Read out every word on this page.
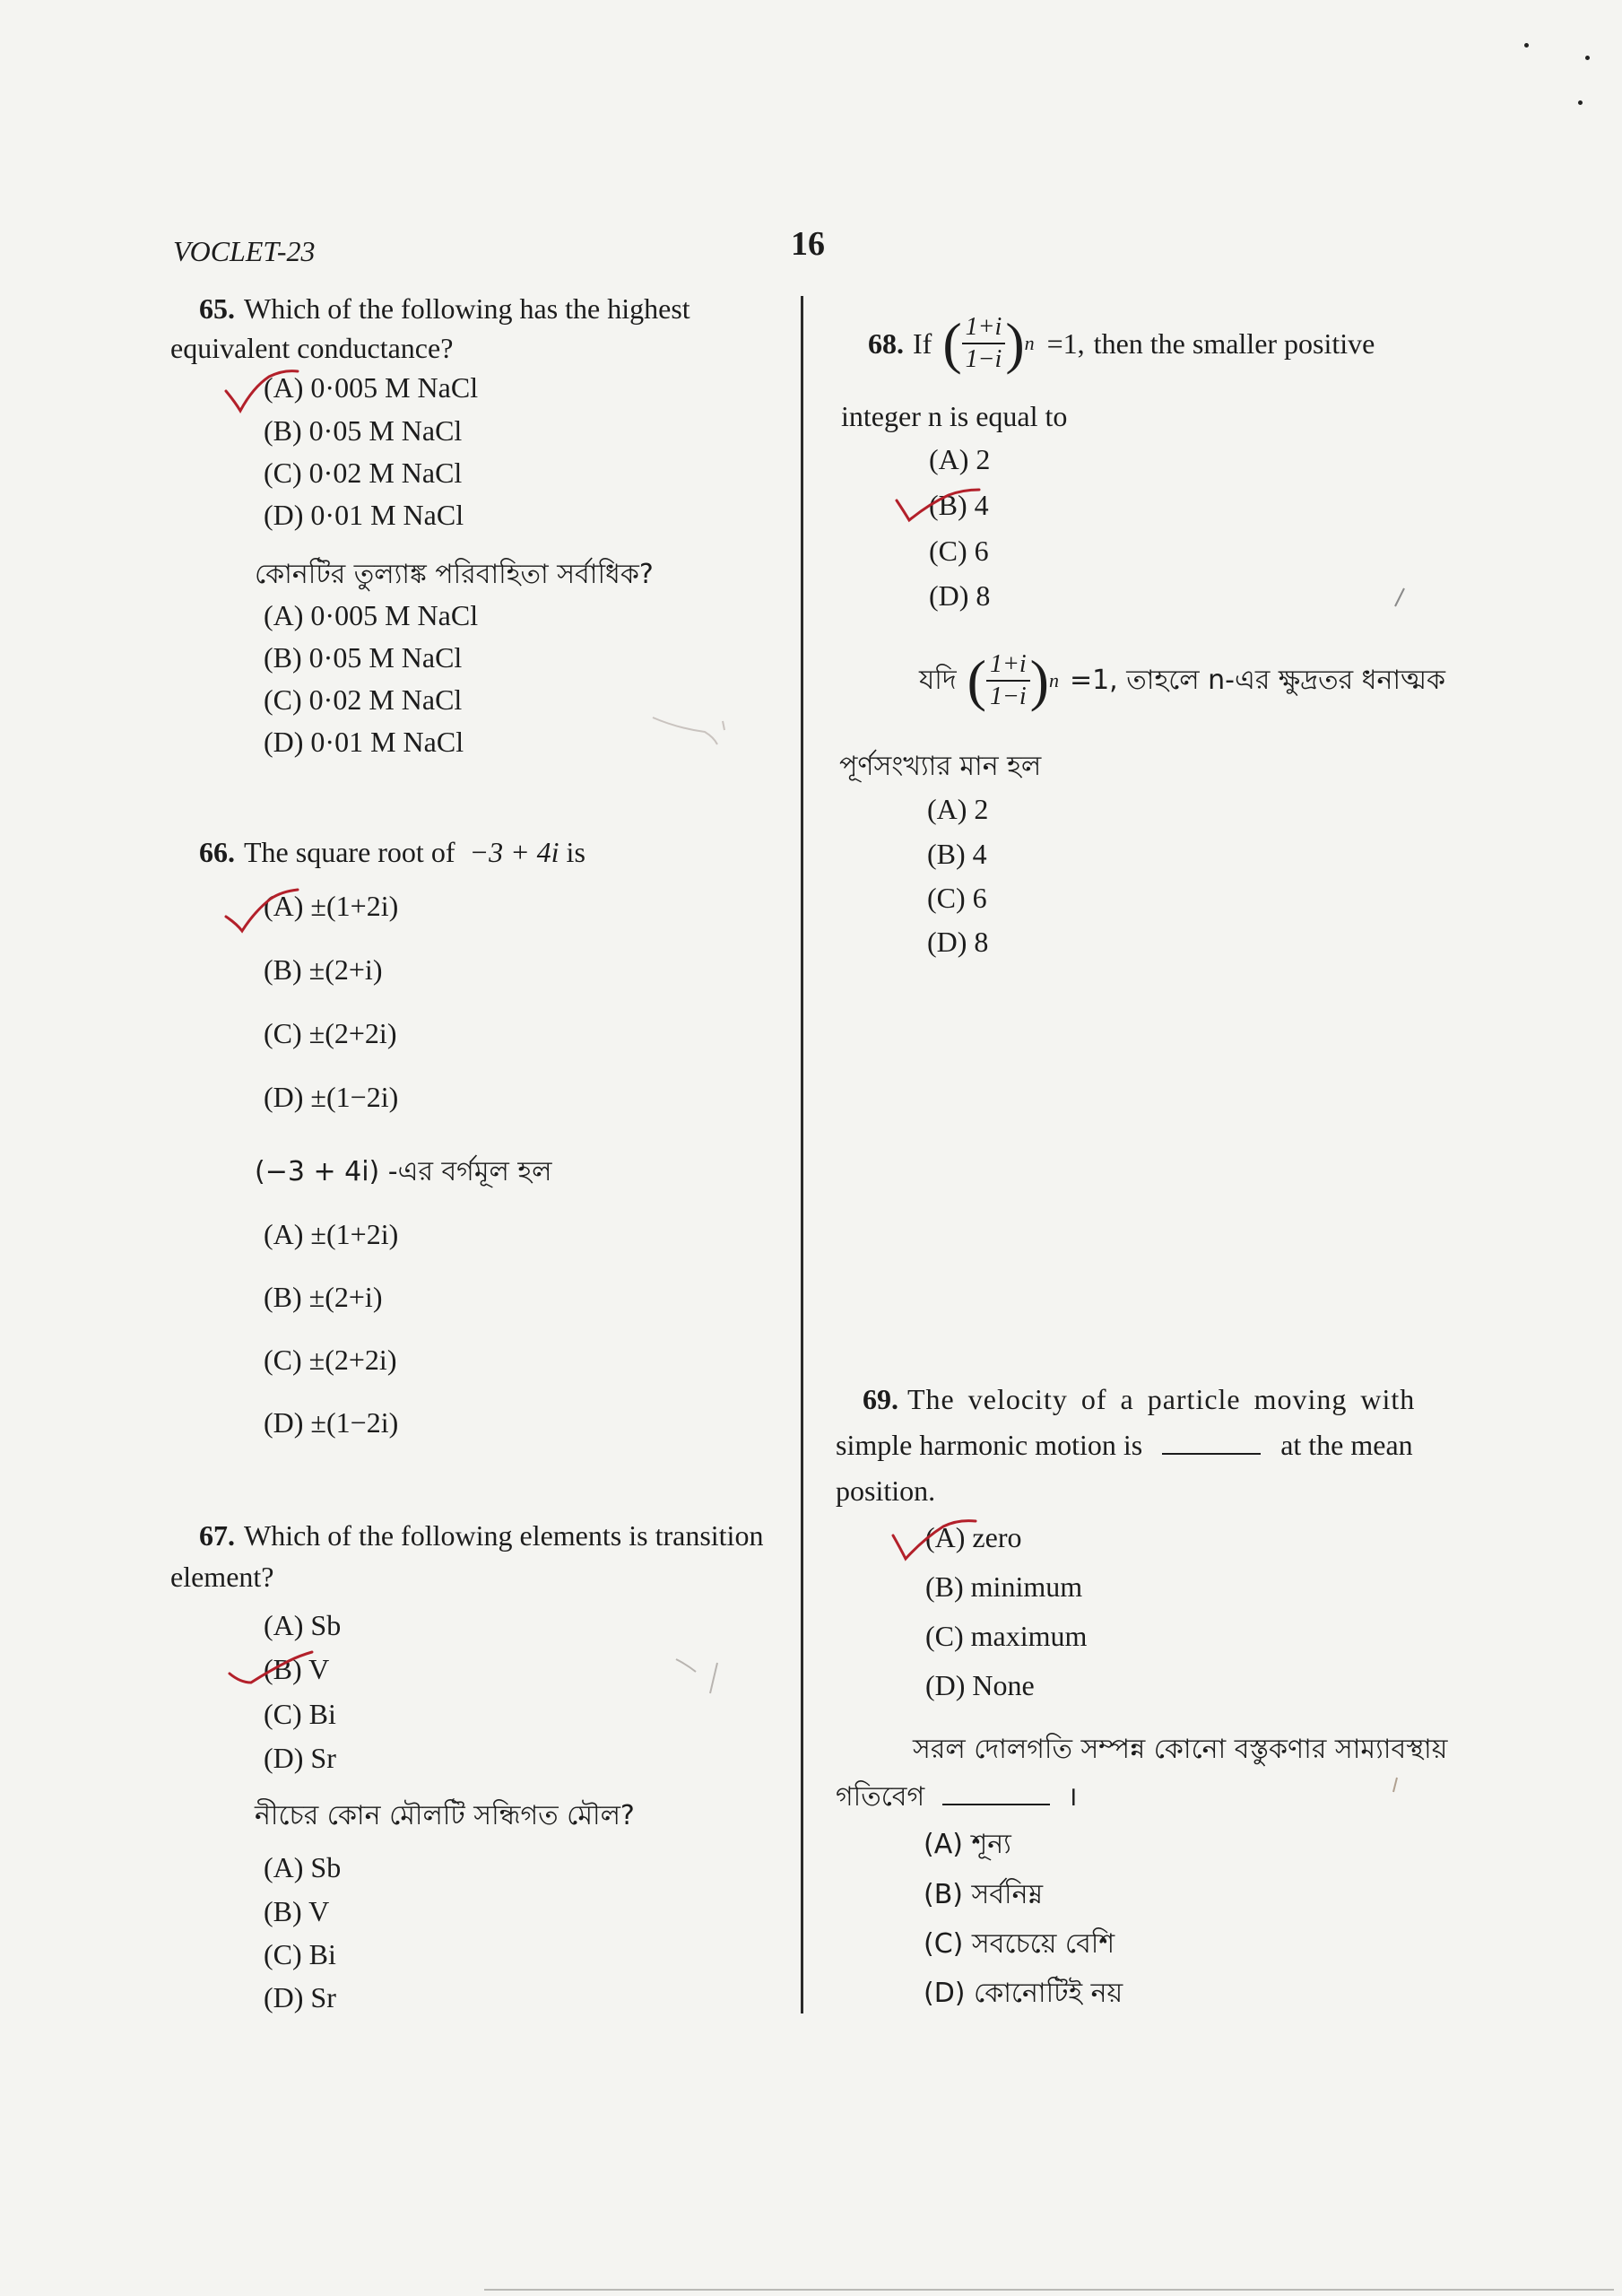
VOCLET-23	16
65. Which of the following has the highest
equivalent conductance?
(A) 0·005 M NaCl
(B) 0·05 M NaCl
(C) 0·02 M NaCl
(D) 0·01 M NaCl
কোনটির তুল্যাঙ্ক পরিবাহিতা সর্বাধিক?
(A) 0·005 M NaCl
(B) 0·05 M NaCl
(C) 0·02 M NaCl
(D) 0·01 M NaCl
66. The square root of −3 + 4i is
(A) ±(1+2i)
(B) ±(2+i)
(C) ±(2+2i)
(D) ±(1−2i)
(−3 + 4i) -এর বর্গমূল হল
(A) ±(1+2i)
(B) ±(2+i)
(C) ±(2+2i)
(D) ±(1−2i)
67. Which of the following elements is transition
element?
(A) Sb
(B) V
(C) Bi
(D) Sr
নীচের কোন মৌলটি সন্ধিগত মৌল?
(A) Sb
(B) V
(C) Bi
(D) Sr
68. If ( $\frac{1+i}{1-i}$ ) n =1, then the smaller positive
integer n is equal to
(A) 2
(B) 4
(C) 6
(D) 8
যদি ( $\frac{1+i}{1-i}$ ) n =1, তাহলে n-এর ক্ষুদ্রতর ধনাত্মক
পূর্ণসংখ্যার মান হল
(A) 2
(B) 4
(C) 6
(D) 8
69. The velocity of a particle moving with
simple harmonic motion is	at the mean
position.
(A) zero
(B) minimum
(C) maximum
(D) None
সরল দোলগতি সম্পন্ন কোনো বস্তুকণার সাম্যাবস্থায়
গতিবেগ	।
(A) শূন্য
(B) সর্বনিম্ন
(C) সবচেয়ে বেশি
(D) কোনোটিই নয়
